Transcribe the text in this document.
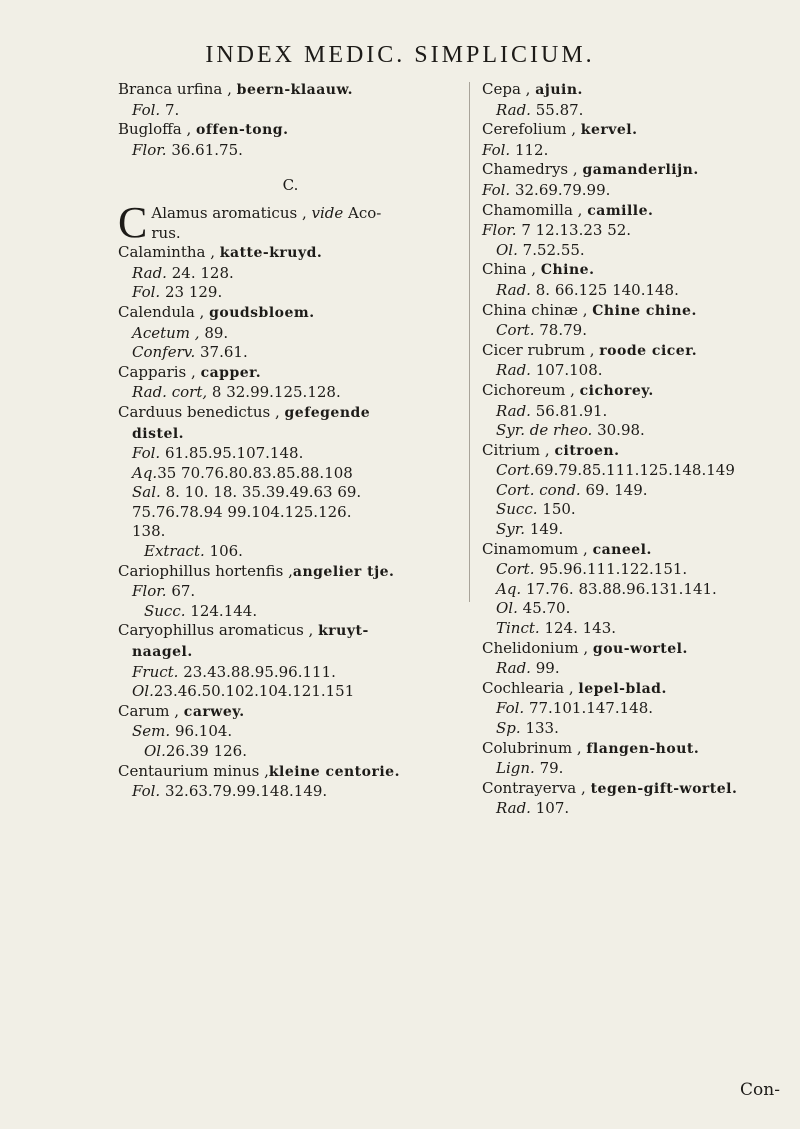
INDEX MEDIC. SIMPLICIUM.
Branca urfina , beern-klaauw.
Fol. 7.
Bugloffa , offen-tong.
Flor. 36.61.75.
C.
C Alamus aromaticus , vide Aco-
rus.
Calamintha , katte-kruyd.
Rad. 24. 128.
Fol. 23 129.
Calendula , goudsbloem.
Acetum , 89.
Conferv. 37.61.
Capparis , capper.
Rad. cort, 8 32.99.125.128.
Carduus benedictus , gefegende
distel.
Fol. 61.85.95.107.148.
Aq.35 70.76.80.83.85.88.108
Sal. 8. 10. 18. 35.39.49.63 69.
75.76.78.94 99.104.125.126.
138.
Extract. 106.
Cariophillus hortenfis ,angelier tje.
Flor. 67.
Succ. 124.144.
Caryophillus aromaticus , kruyt-
naagel.
Fruct. 23.43.88.95.96.111.
Ol.23.46.50.102.104.121.151
Carum , carwey.
Sem. 96.104.
Ol.26.39 126.
Centaurium minus ,kleine centorie.
Fol. 32.63.79.99.148.149.
Cepa , ajuin.
Rad. 55.87.
Cerefolium , kervel.
Fol. 112.
Chamedrys , gamanderlijn.
Fol. 32.69.79.99.
Chamomilla , camille.
Flor. 7 12.13.23 52.
Ol. 7.52.55.
China , Chine.
Rad. 8. 66.125 140.148.
China chinæ , Chine chine.
Cort. 78.79.
Cicer rubrum , roode cicer.
Rad. 107.108.
Cichoreum , cichorey.
Rad. 56.81.91.
Syr. de rheo. 30.98.
Citrium , citroen.
Cort.69.79.85.111.125.148.149
Cort. cond. 69. 149.
Succ. 150.
Syr. 149.
Cinamomum , caneel.
Cort. 95.96.111.122.151.
Aq. 17.76. 83.88.96.131.141.
Ol. 45.70.
Tinct. 124. 143.
Chelidonium , gou-wortel.
Rad. 99.
Cochlearia , lepel-blad.
Fol. 77.101.147.148.
Sp. 133.
Colubrinum , flangen-hout.
Lign. 79.
Contrayerva , tegen-gift-wortel.
Rad. 107.
Con-
